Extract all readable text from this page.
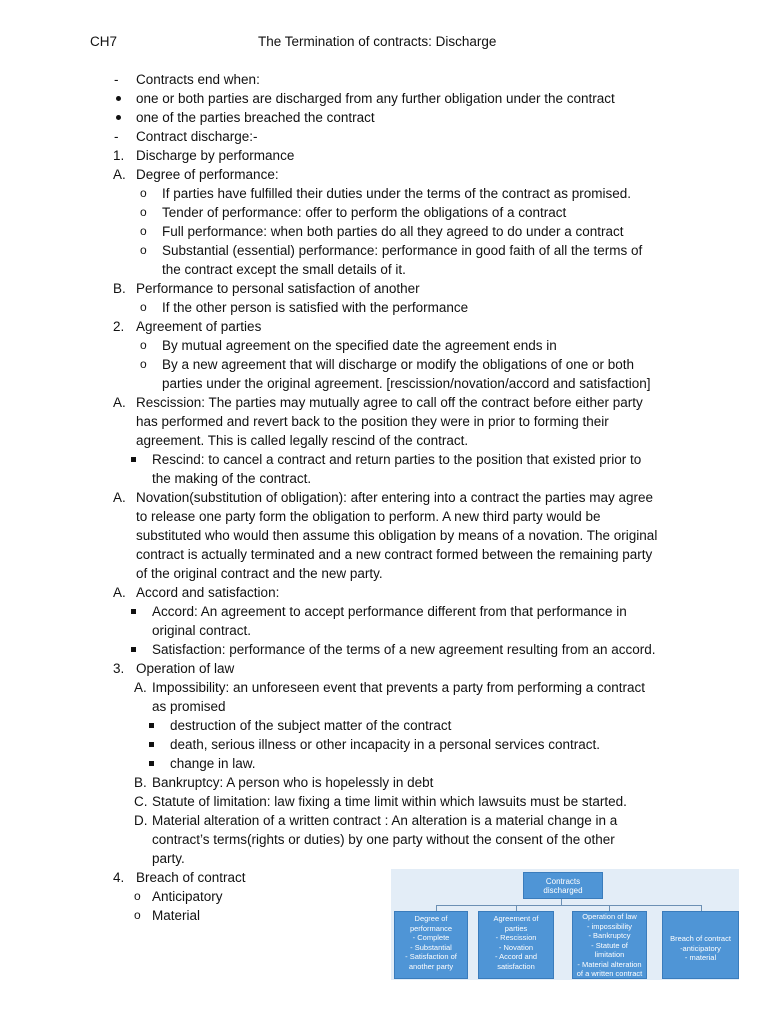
CH7	The Termination of contracts: Discharge
- Contracts end when:
one or both parties are discharged from any further obligation under the contract
one of the parties breached the contract
- Contract discharge:-
1. Discharge by performance
A. Degree of performance:
o If parties have fulfilled their duties under the terms of the contract as promised.
o Tender of performance: offer to perform the obligations of a contract
o Full performance: when both parties do all they agreed to do under a contract
o Substantial (essential) performance: performance in good faith of all the terms of
the contract except the small details of it.
B. Performance to personal satisfaction of another
o If the other person is satisfied with the performance
2. Agreement of parties
o By mutual agreement on the specified date the agreement ends in
o By a new agreement that will discharge or modify the obligations of one or both
parties under the original agreement. [rescission/novation/accord and satisfaction]
A. Rescission: The parties may mutually agree to call off the contract before either party
has performed and revert back to the position they were in prior to forming their
agreement. This is called legally rescind of the contract.
Rescind: to cancel a contract and return parties to the position that existed prior to
the making of the contract.
A. Novation(substitution of obligation): after entering into a contract the parties may agree
to release one party form the obligation to perform. A new third party would be
substituted who would then assume this obligation by means of a novation. The original
contract is actually terminated and a new contract formed between the remaining party
of the original contract and the new party.
A. Accord and satisfaction:
Accord: An agreement to accept performance different from that performance in
original contract.
Satisfaction: performance of the terms of a new agreement resulting from an accord.
3. Operation of law
A. Impossibility: an unforeseen event that prevents a party from performing a contract
as promised
destruction of the subject matter of the contract
death, serious illness or other incapacity in a personal services contract.
change in law.
B. Bankruptcy: A person who is hopelessly in debt
C. Statute of limitation: law fixing a time limit within which lawsuits must be started.
D. Material alteration of a written contract : An alteration is a material change in a
contract’s terms(rights or duties) by one party without the consent of the other
party.
4. Breach of contract
o Anticipatory
o Material
Contracts
discharged
Degree of
performance
- Complete
- Substantial
- Satisfaction of
another party
Agreement of
parties
- Rescission
- Novation
- Accord and
satisfaction
Operation of law
- impossibility
- Bankruptcy
- Statute of
limitation
- Material alteration
of a written contract
Breach of contract
-anticipatory
- material
